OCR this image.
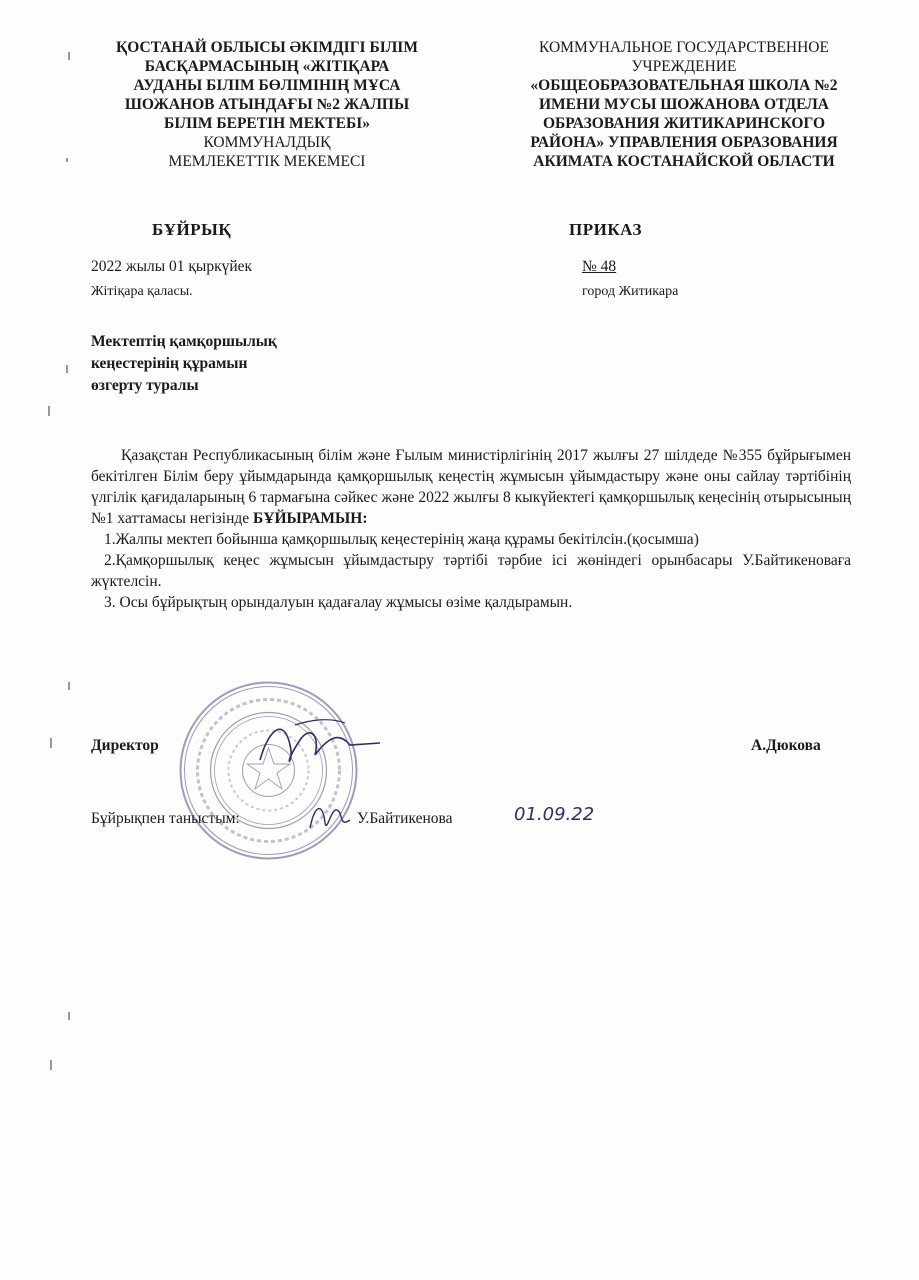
ҚОСТАНАЙ ОБЛЫСЫ ӘКІМДІГІ БІЛІМ
БАСҚАРМАСЫНЫҢ «ЖІТІҚАРА
АУДАНЫ БІЛІМ БӨЛІМІНІҢ МҰСА
ШОЖАНОВ АТЫНДАҒЫ №2 ЖАЛПЫ
БІЛІМ БЕРЕТІН МЕКТЕБІ»
КОММУНАЛДЫҚ
МЕМЛЕКЕТТІК МЕКЕМЕСІ
КОММУНАЛЬНОЕ ГОСУДАРСТВЕННОЕ
УЧРЕЖДЕНИЕ
«ОБЩЕОБРАЗОВАТЕЛЬНАЯ ШКОЛА №2
ИМЕНИ МУСЫ ШОЖАНОВА ОТДЕЛА
ОБРАЗОВАНИЯ ЖИТИКАРИНСКОГО
РАЙОНА» УПРАВЛЕНИЯ ОБРАЗОВАНИЯ
АКИМАТА КОСТАНАЙСКОЙ ОБЛАСТИ
БҰЙРЫҚ	ПРИКАЗ
2022 жылы 01 қыркүйек
Жітіқара қаласы.
№ 48
город Житикара
Мектептің қамқоршылық
кеңестерінің құрамын
өзгерту туралы

Қазақстан Республикасының білім және Ғылым министірлігінің 2017 жылғы 27 шілдеде №355 бұйрығымен бекітілген Білім беру ұйымдарында қамқоршылық кеңестің жұмысын ұйымдастыру және оны сайлау тәртібінің үлгілік қағидаларының 6 тармағына сәйкес және 2022 жылғы 8 кыкүйектегі қамқоршылық кеңесінің отырысының №1 хаттамасы негізінде БҰЙЫРАМЫН:

1.Жалпы мектеп бойынша қамқоршылық кеңестерінің жаңа құрамы бекітілсін.(қосымша)

2.Қамқоршылық кеңес жұмысын ұйымдастыру тәртібі тәрбие ісі жөніндегі орынбасары У.Байтикеноваға жүктелсін.

3. Осы бұйрықтың орындалуын қадағалау жұмысы өзіме қалдырамын.

Директор	А.Дюкова
Бұйрықпен таныстым:	У.Байтикенова	01.09.22
